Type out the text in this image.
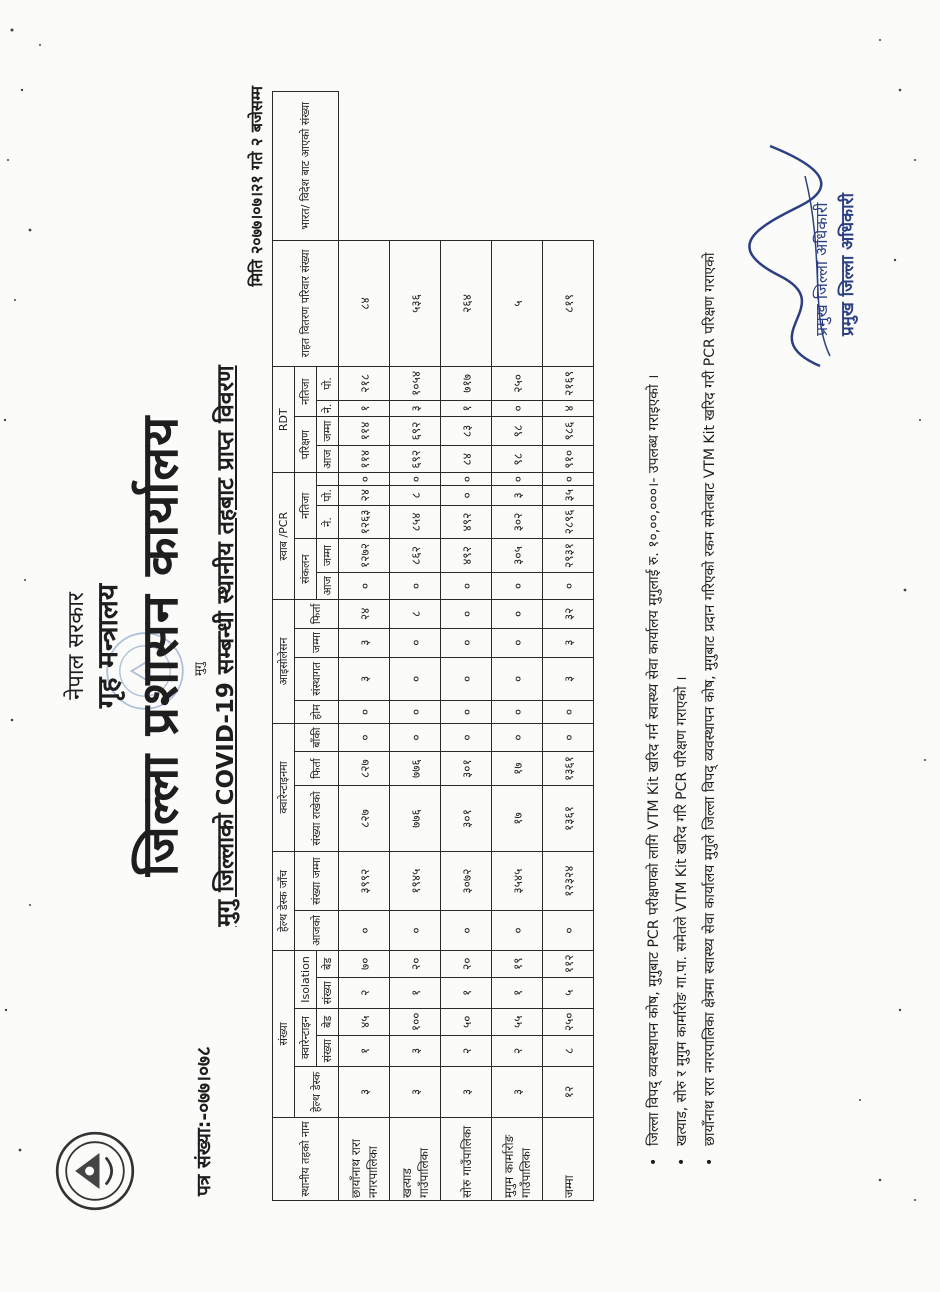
नेपाल सरकार गृह मन्त्रालय जिल्ला प्रशासन कार्यालय
पत्र संख्या:-०७७।०७८
मुगु मुगु जिल्लाको COVID-19 सम्बन्धी स्थानीय तहबाट प्राप्त विवरण
मिति २०७७।०७।२१ गते २ बजेसम्म
स्थानीय तहको नाम	संख्या					हेल्थ डेस्क जाँच		क्वारेन्टाइनमा			आइसोलेसन				स्वाब /PCR					RDT				राहत वितरण परिवार संख्या	भारत/ विदेश बाट आएको संख्या
	हेल्थ डेस्क	क्वारेन्टाइन		Isolation		आजको	संख्या जम्मा	संख्या राखेको	फिर्ता	बाँकी	होम	संस्थागत	जम्मा	फिर्ता	संकलन		नतिजा			परिक्षण		नतिजा			
		संख्या	बेड	संख्या	बेड										आज	जम्मा	ने.	पो.		आज	जम्मा	ने.	पो.		
छायाँनाथ रारा नगरपालिका	३	१	४५	२	७०	०	३९९२	८२७	८२७	०	०	३	३	२४	०	१२७२	१२६३	२४	०	११४	११४	१	२१८	८४	
खत्याड गाउँपालिका	३	३	१००	१	२०	०	१९४५	७७६	७७६	०	०	०	०	८	०	८६२	८५४	८	०	६९२	६९२	३	१०५४	५३६	
सोरु गाउँपालिका	३	२	५०	१	२०	०	३०७२	३०१	३०१	०	०	०	०	०	०	४९२	४९२	०	०	८४	८३	१	७१७	२६४	
मुगुम कार्मारोङ गाउँपालिका	३	२	५५	१	१९	०	३५४५	१७	१७	०	०	०	०	०	०	३०५	३०२	३	०	९८	९८	०	२५०	५	
जम्मा	१२	८	२५०	५	११२	०	१२३२४	१३६१	१३६१	०	०	३	३	३२	०	२९३१	२८९६	३५	०	९१०	९८६	४	२१६९	८१९	
•
जिल्ला विपद् व्यवस्थापन कोष, मुगुबाट PCR परीक्षणको लागि VTM Kit खरिद गर्न स्वास्थ्य सेवा कार्यालय मुगुलाई रु. १०,००,०००।- उपलब्ध गराइएको ।
•
खत्याड, सोरु र मुगुम कार्मारोङ गा.पा. समेतले VTM Kit खरिद गरि PCR परिक्षण गराएको ।
•
छायाँनाथ रारा नगरपालिका क्षेत्रमा स्वास्थ्य सेवा कार्यालय मुगुले जिल्ला विपद् व्यवस्थापन कोष, मुगुबाट प्रदान गरिएको रकम समेतबाट VTM Kit खरिद गरी PCR परिक्षण गराएको	प्रमुख जिल्ला अधिकारी प्रमुख जिल्ला अधिकारी
